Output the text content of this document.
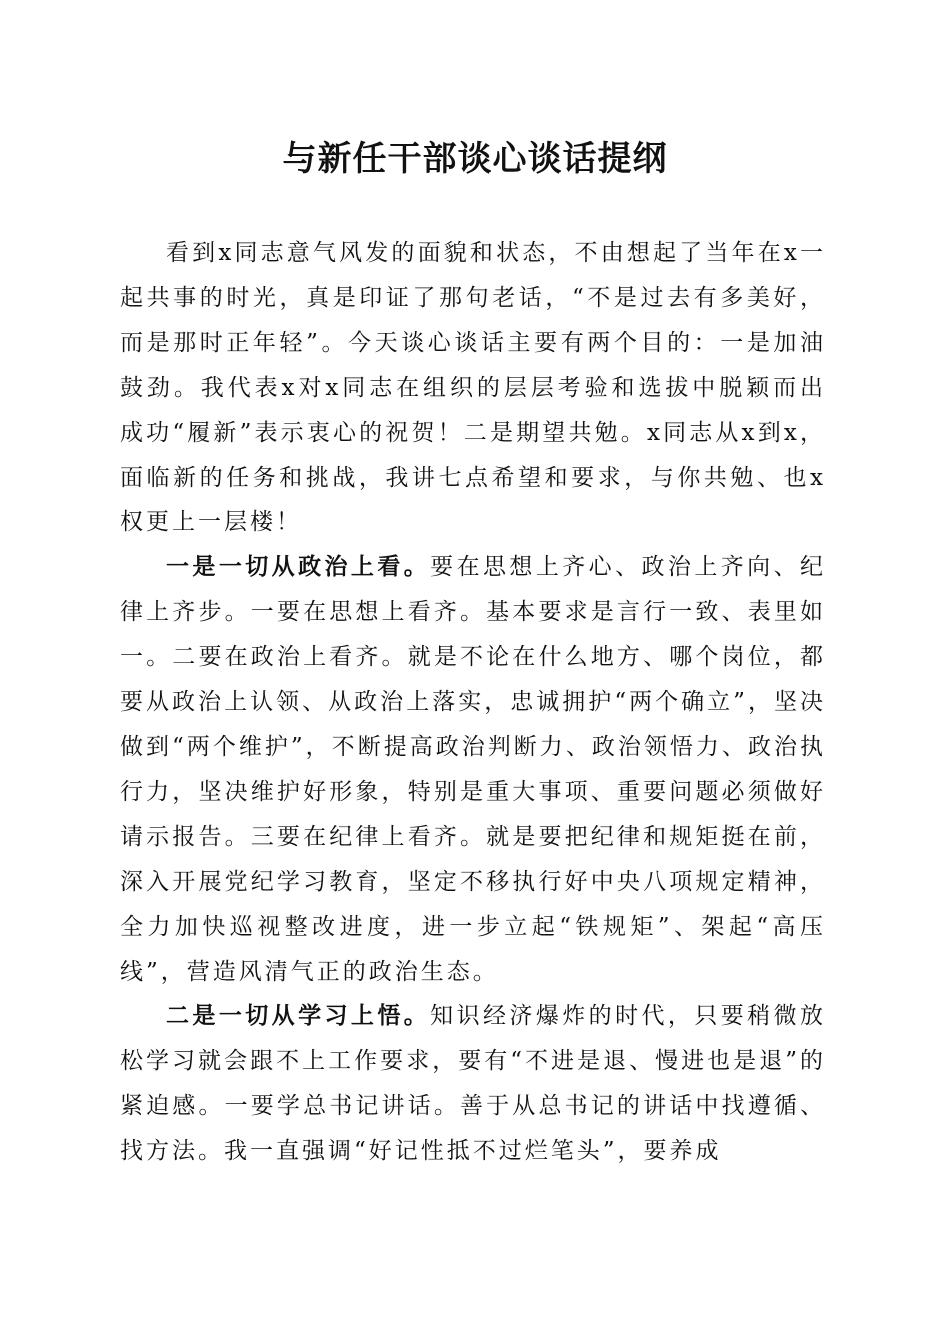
与新任干部谈心谈话提纲

看到x同志意气风发的面貌和状态，不由想起了当年在x一起共事的时光，真是印证了那句老话，“不是过去有多美好，而是那时正年轻”。今天谈心谈话主要有两个目的：一是加油鼓劲。我代表x对x同志在组织的层层考验和选拔中脱颖而出成功“履新”表示衷心的祝贺！二是期望共勉。x同志从x到x，面临新的任务和挑战，我讲七点希望和要求，与你共勉、也x权更上一层楼！

一是一切从政治上看。要在思想上齐心、政治上齐向、纪律上齐步。一要在思想上看齐。基本要求是言行一致、表里如一。二要在政治上看齐。就是不论在什么地方、哪个岗位，都要从政治上认领、从政治上落实，忠诚拥护“两个确立”，坚决做到“两个维护”，不断提高政治判断力、政治领悟力、政治执行力，坚决维护好形象，特别是重大事项、重要问题必须做好请示报告。三要在纪律上看齐。就是要把纪律和规矩挺在前，深入开展党纪学习教育，坚定不移执行好中央八项规定精神，全力加快巡视整改进度，进一步立起“铁规矩”、架起“高压线”，营造风清气正的政治生态。

二是一切从学习上悟。知识经济爆炸的时代，只要稍微放松学习就会跟不上工作要求，要有“不进是退、慢进也是退”的紧迫感。一要学总书记讲话。善于从总书记的讲话中找遵循、找方法。我一直强调“好记性抵不过烂笔头”，要养成
